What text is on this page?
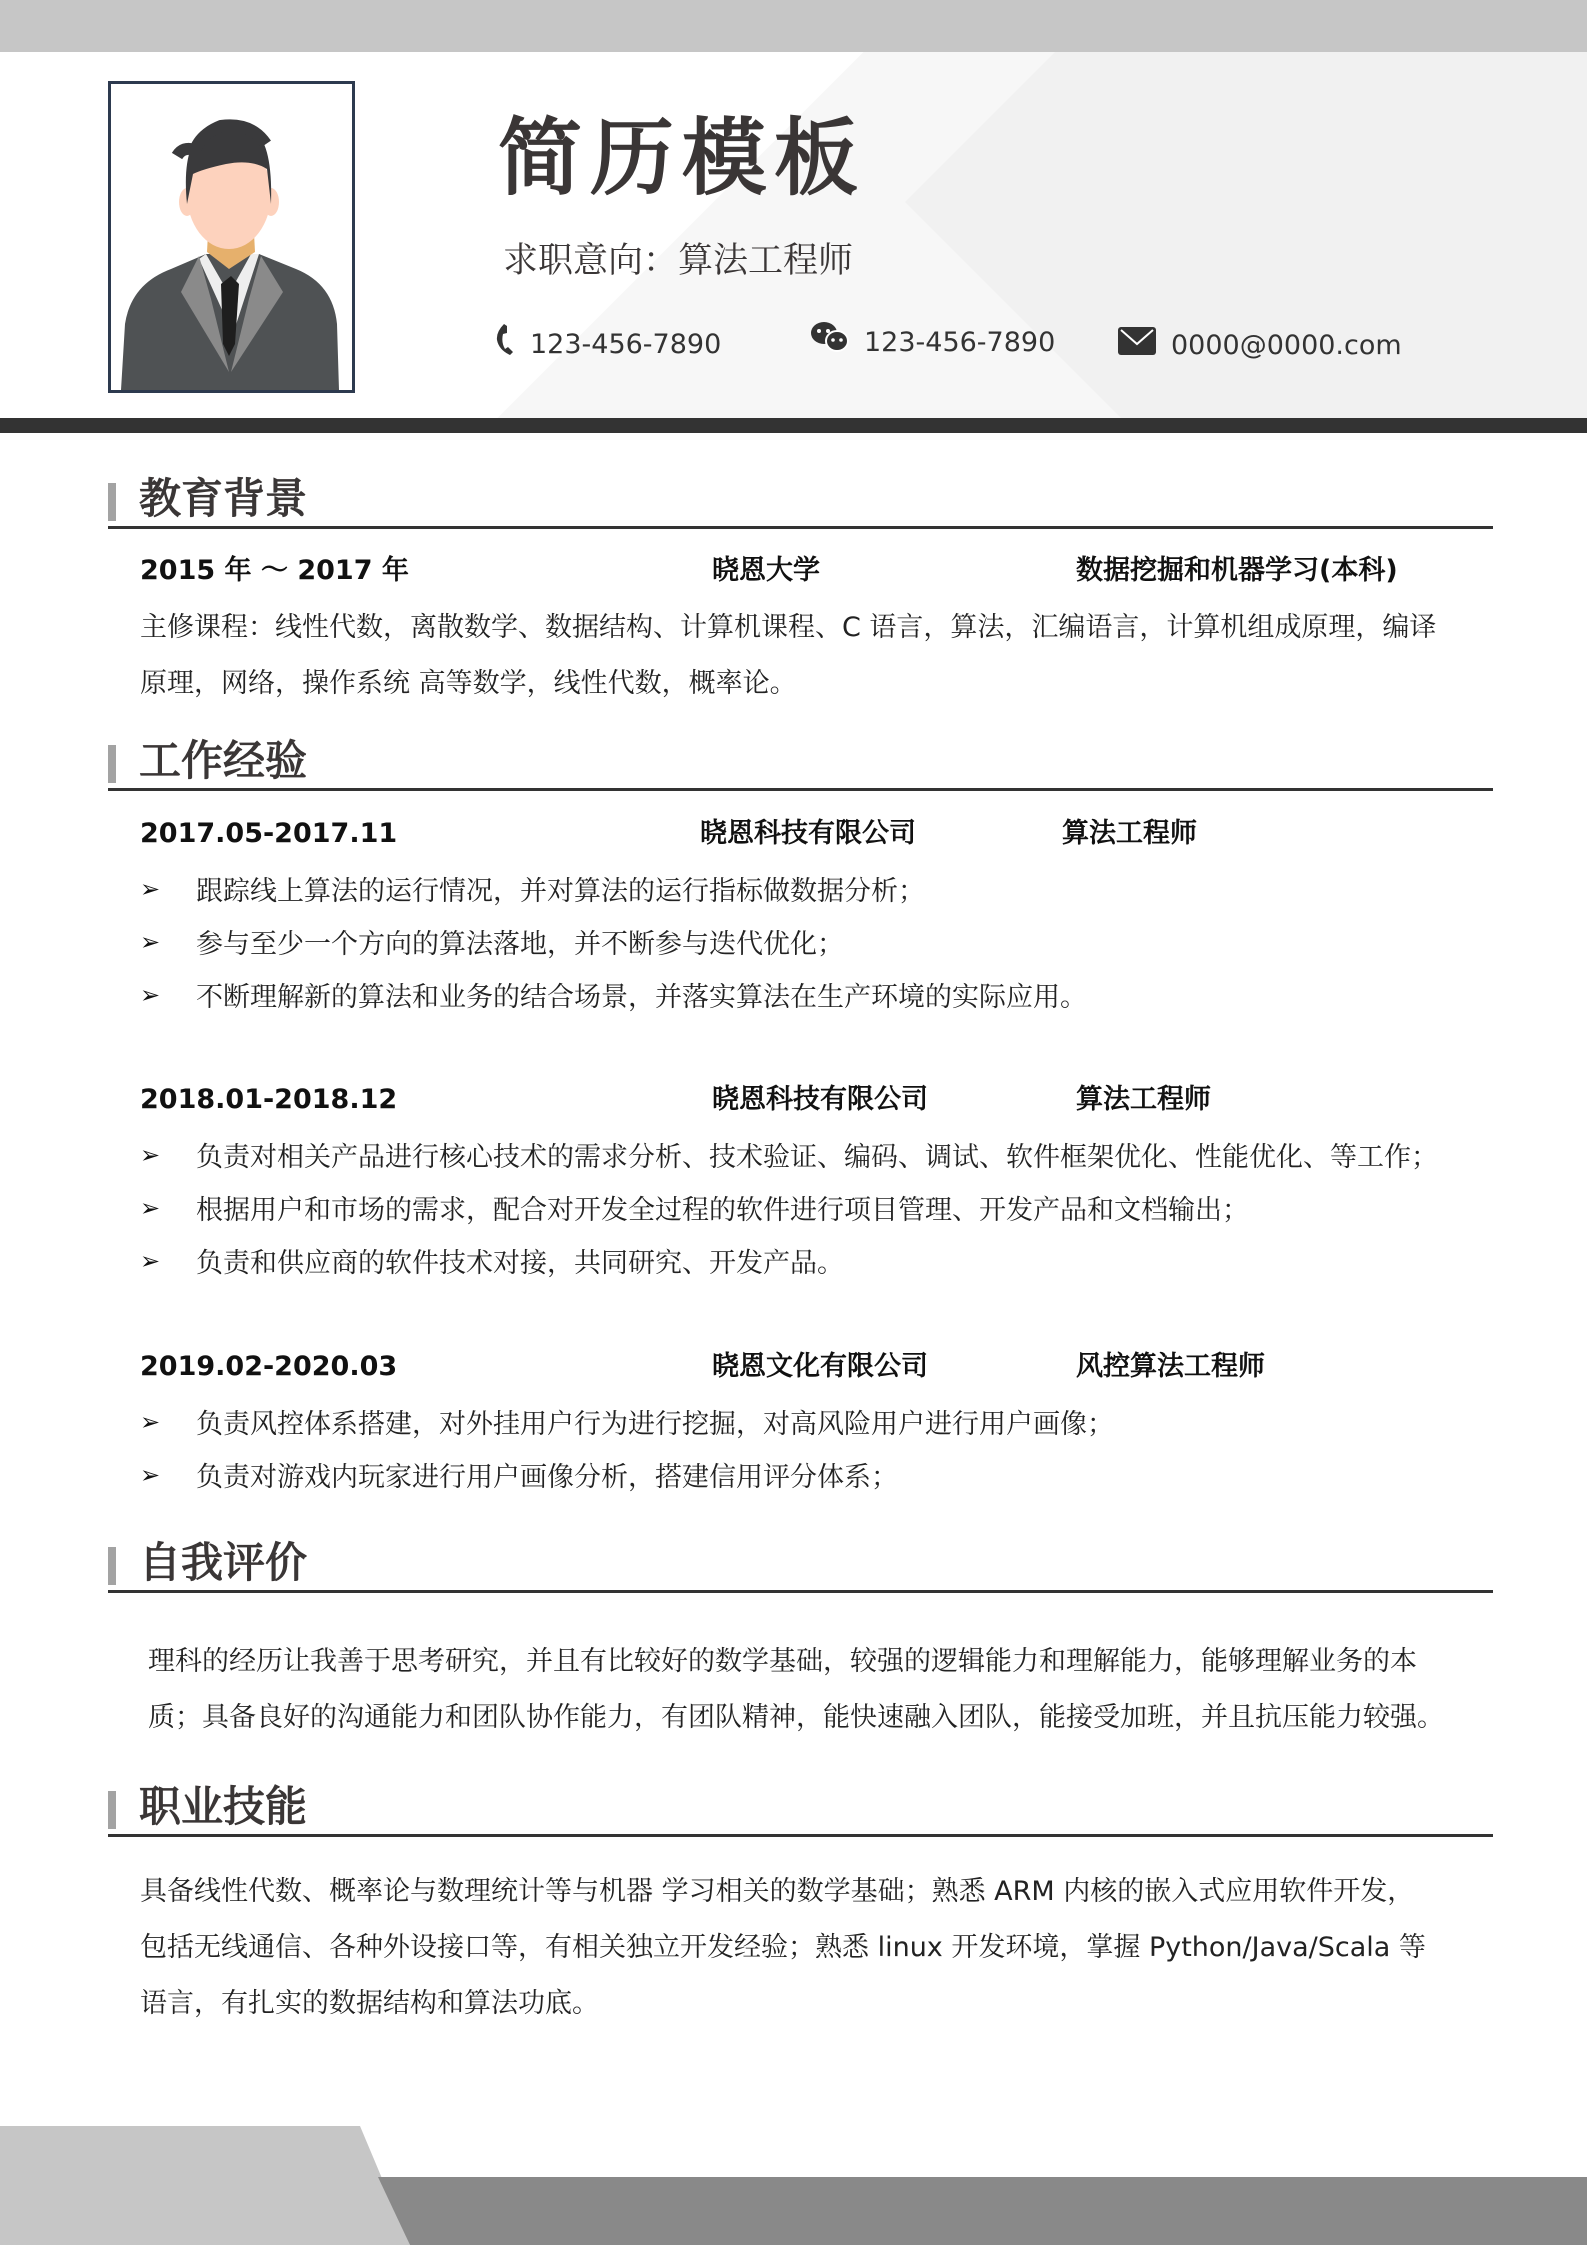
简历模板
求职意向：算法工程师
123-456-7890	123-456-7890	0000@0000.com
教育背景
2015 年 ～ 2017 年	晓恩大学	数据挖掘和机器学习(本科)
主修课程：线性代数，离散数学、数据结构、计算机课程、C 语言，算法，汇编语言，计算机组成原理，编译
原理，网络，操作系统 高等数学，线性代数，概率论。
工作经验
2017.05-2017.11	晓恩科技有限公司	算法工程师
➢	跟踪线上算法的运行情况，并对算法的运行指标做数据分析；
➢	参与至少一个方向的算法落地，并不断参与迭代优化；
➢	不断理解新的算法和业务的结合场景，并落实算法在生产环境的实际应用。
2018.01-2018.12	晓恩科技有限公司	算法工程师
➢	负责对相关产品进行核心技术的需求分析、技术验证、编码、调试、软件框架优化、性能优化、等工作；
➢	根据用户和市场的需求，配合对开发全过程的软件进行项目管理、开发产品和文档输出；
➢	负责和供应商的软件技术对接，共同研究、开发产品。
2019.02-2020.03	晓恩文化有限公司	风控算法工程师
➢	负责风控体系搭建，对外挂用户行为进行挖掘，对高风险用户进行用户画像；
➢	负责对游戏内玩家进行用户画像分析，搭建信用评分体系；
自我评价
理科的经历让我善于思考研究，并且有比较好的数学基础，较强的逻辑能力和理解能力，能够理解业务的本
质；具备良好的沟通能力和团队协作能力，有团队精神，能快速融入团队，能接受加班，并且抗压能力较强。
职业技能
具备线性代数、概率论与数理统计等与机器 学习相关的数学基础；熟悉 ARM 内核的嵌入式应用软件开发，
包括无线通信、各种外设接口等，有相关独立开发经验；熟悉 linux 开发环境，掌握 Python/Java/Scala 等
语言，有扎实的数据结构和算法功底。
